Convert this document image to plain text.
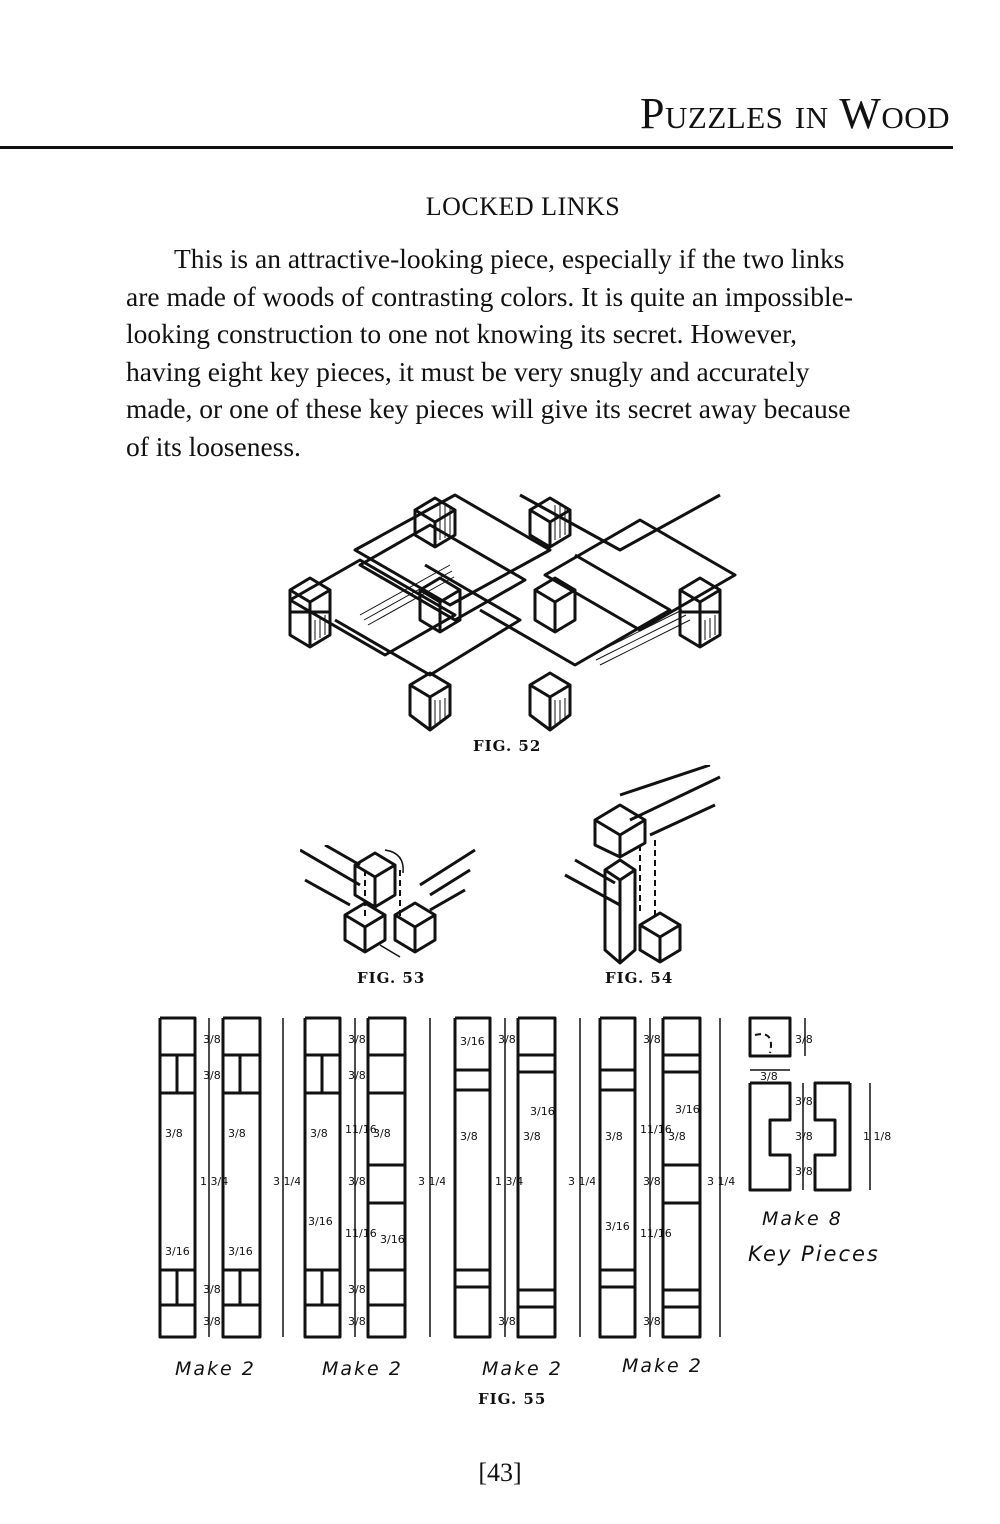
Puzzles in Wood
LOCKED LINKS
This is an attractive-looking piece, especially if the two links are made of woods of contrasting colors. It is quite an impossible-looking construction to one not knowing its secret. However, having eight key pieces, it must be very snugly and accurately made, or one of these key pieces will give its secret away because of its looseness.
FIG. 52
FIG. 53	FIG. 54
3/8
3/8
1 3/4
3/8	3/8
3/16	3/16
3/8
3/8
3 1/4
Make 2
3/8
3/8
11/16
3/8
11/16
3/8	3/8
3/16
3/16
3/8
3/8
3 1/4
Make 2
3/16 3/8
3/16
3/8	3/8
1 3/4
3/8
3 1/4
Make 2
3/8
11/16
3/8
11/16
3/8	3/8
3/16
3/16
3/8
3 1/4
Make 2
3/8
3/8
3/8
3/8
3/8
1 1/8
Make 8
Key Pieces
FIG. 55
[43]
